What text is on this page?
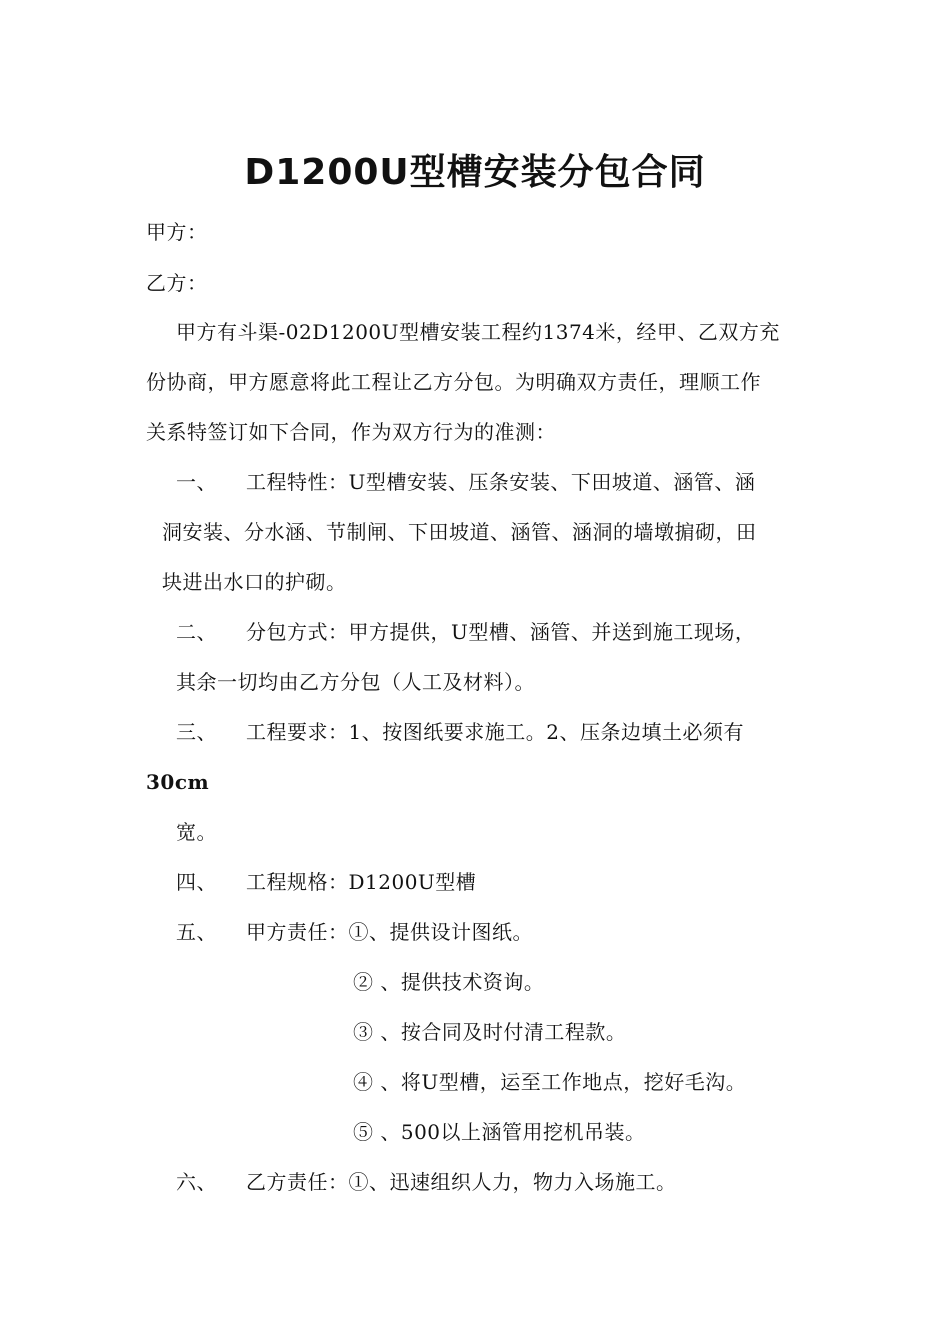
D1200U型槽安装分包合同
甲方：
乙方：
甲方有斗渠-02D1200U型槽安装工程约1374米，经甲、乙双方充
份协商，甲方愿意将此工程让乙方分包。为明确双方责任，理顺工作
关系特签订如下合同，作为双方行为的准测：
一、 工程特性：U型槽安装、压条安装、下田坡道、涵管、涵
洞安装、分水涵、节制闸、下田坡道、涵管、涵洞的墙墩掮砌，田
块进出水口的护砌。
二、 分包方式：甲方提供，U型槽、涵管、并送到施工现场，
其余一切均由乙方分包（人工及材料）。
三、 工程要求：1、按图纸要求施工。2、压条边填土必须有
30cm
宽。
四、 工程规格：D1200U型槽
五、 甲方责任：①、提供设计图纸。
② 、提供技术资询。
③ 、按合同及时付清工程款。
④ 、将U型槽，运至工作地点，挖好毛沟。
⑤ 、500以上涵管用挖机吊装。
六、 乙方责任：①、迅速组织人力，物力入场施工。
